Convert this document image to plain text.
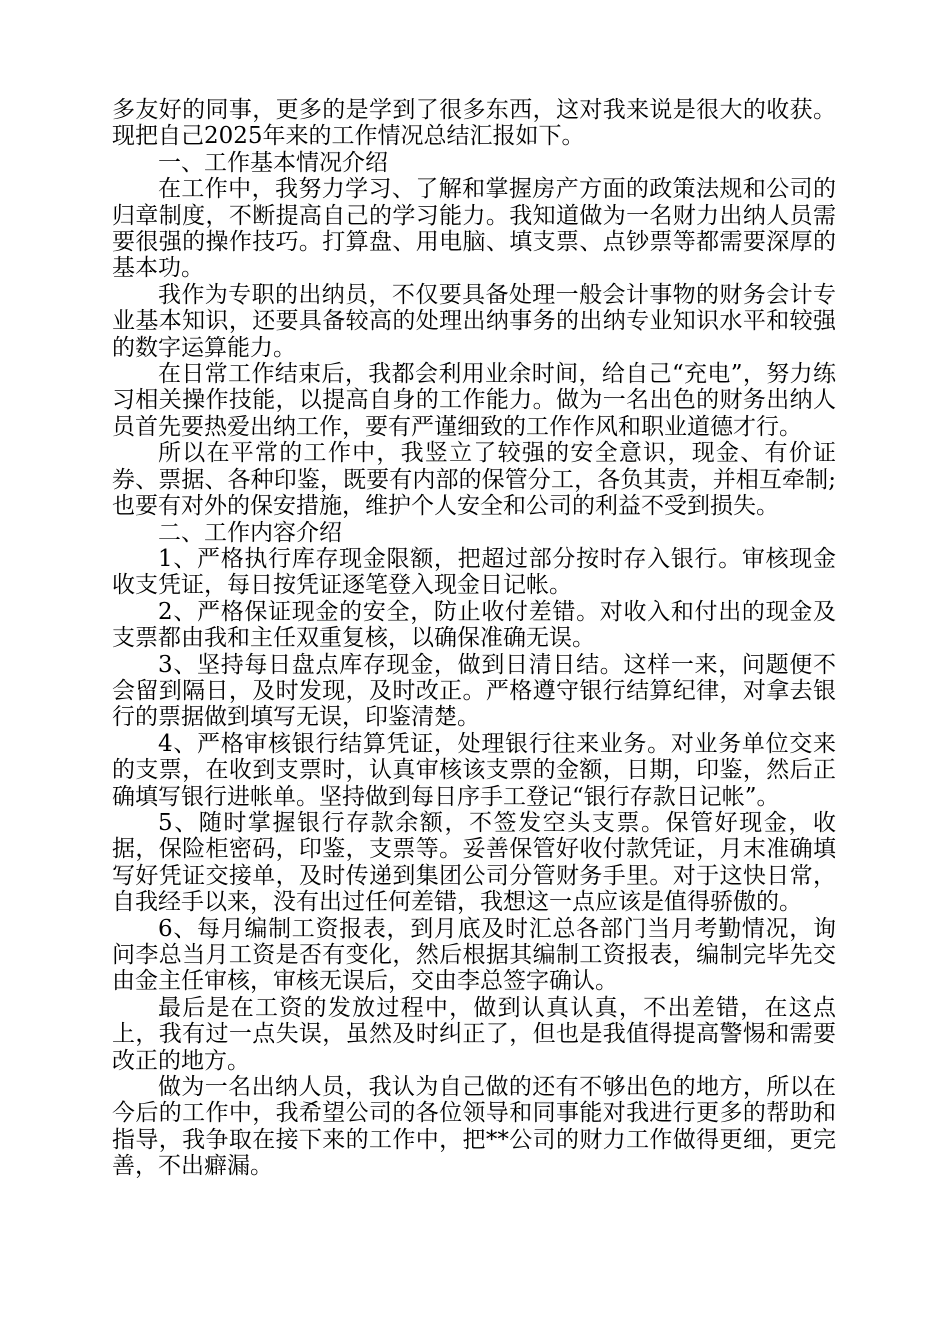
多友好的同事，更多的是学到了很多东西，这对我来说是很大的收获。现把自己2025年来的工作情况总结汇报如下。

一、工作基本情况介绍

在工作中，我努力学习、了解和掌握房产方面的政策法规和公司的归章制度，不断提高自己的学习能力。我知道做为一名财力出纳人员需要很强的操作技巧。打算盘、用电脑、填支票、点钞票等都需要深厚的基本功。

我作为专职的出纳员，不仅要具备处理一般会计事物的财务会计专业基本知识，还要具备较高的处理出纳事务的出纳专业知识水平和较强的数字运算能力。

在日常工作结束后，我都会利用业余时间，给自己“充电”，努力练习相关操作技能，以提高自身的工作能力。做为一名出色的财务出纳人员首先要热爱出纳工作，要有严谨细致的工作作风和职业道德才行。

所以在平常的工作中，我竖立了较强的安全意识，现金、有价证券、票据、各种印鉴，既要有内部的保管分工，各负其责，并相互牵制;也要有对外的保安措施，维护个人安全和公司的利益不受到损失。

二、工作内容介绍

1、严格执行库存现金限额，把超过部分按时存入银行。审核现金收支凭证，每日按凭证逐笔登入现金日记帐。

2、严格保证现金的安全，防止收付差错。对收入和付出的现金及支票都由我和主任双重复核，以确保准确无误。

3、坚持每日盘点库存现金，做到日清日结。这样一来，问题便不会留到隔日，及时发现，及时改正。严格遵守银行结算纪律，对拿去银行的票据做到填写无误，印鉴清楚。

4、严格审核银行结算凭证，处理银行往来业务。对业务单位交来的支票，在收到支票时，认真审核该支票的金额，日期，印鉴，然后正确填写银行进帐单。坚持做到每日序手工登记“银行存款日记帐”。

5、随时掌握银行存款余额，不签发空头支票。保管好现金，收据，保险柜密码，印鉴，支票等。妥善保管好收付款凭证，月末准确填写好凭证交接单，及时传递到集团公司分管财务手里。对于这快日常，自我经手以来，没有出过任何差错，我想这一点应该是值得骄傲的。

6、每月编制工资报表，到月底及时汇总各部门当月考勤情况，询问李总当月工资是否有变化，然后根据其编制工资报表，编制完毕先交由金主任审核，审核无误后，交由李总签字确认。

最后是在工资的发放过程中，做到认真认真，不出差错，在这点上，我有过一点失误，虽然及时纠正了，但也是我值得提高警惕和需要改正的地方。

做为一名出纳人员，我认为自己做的还有不够出色的地方，所以在今后的工作中，我希望公司的各位领导和同事能对我进行更多的帮助和指导，我争取在接下来的工作中，把**公司的财力工作做得更细，更完善，不出癖漏。
